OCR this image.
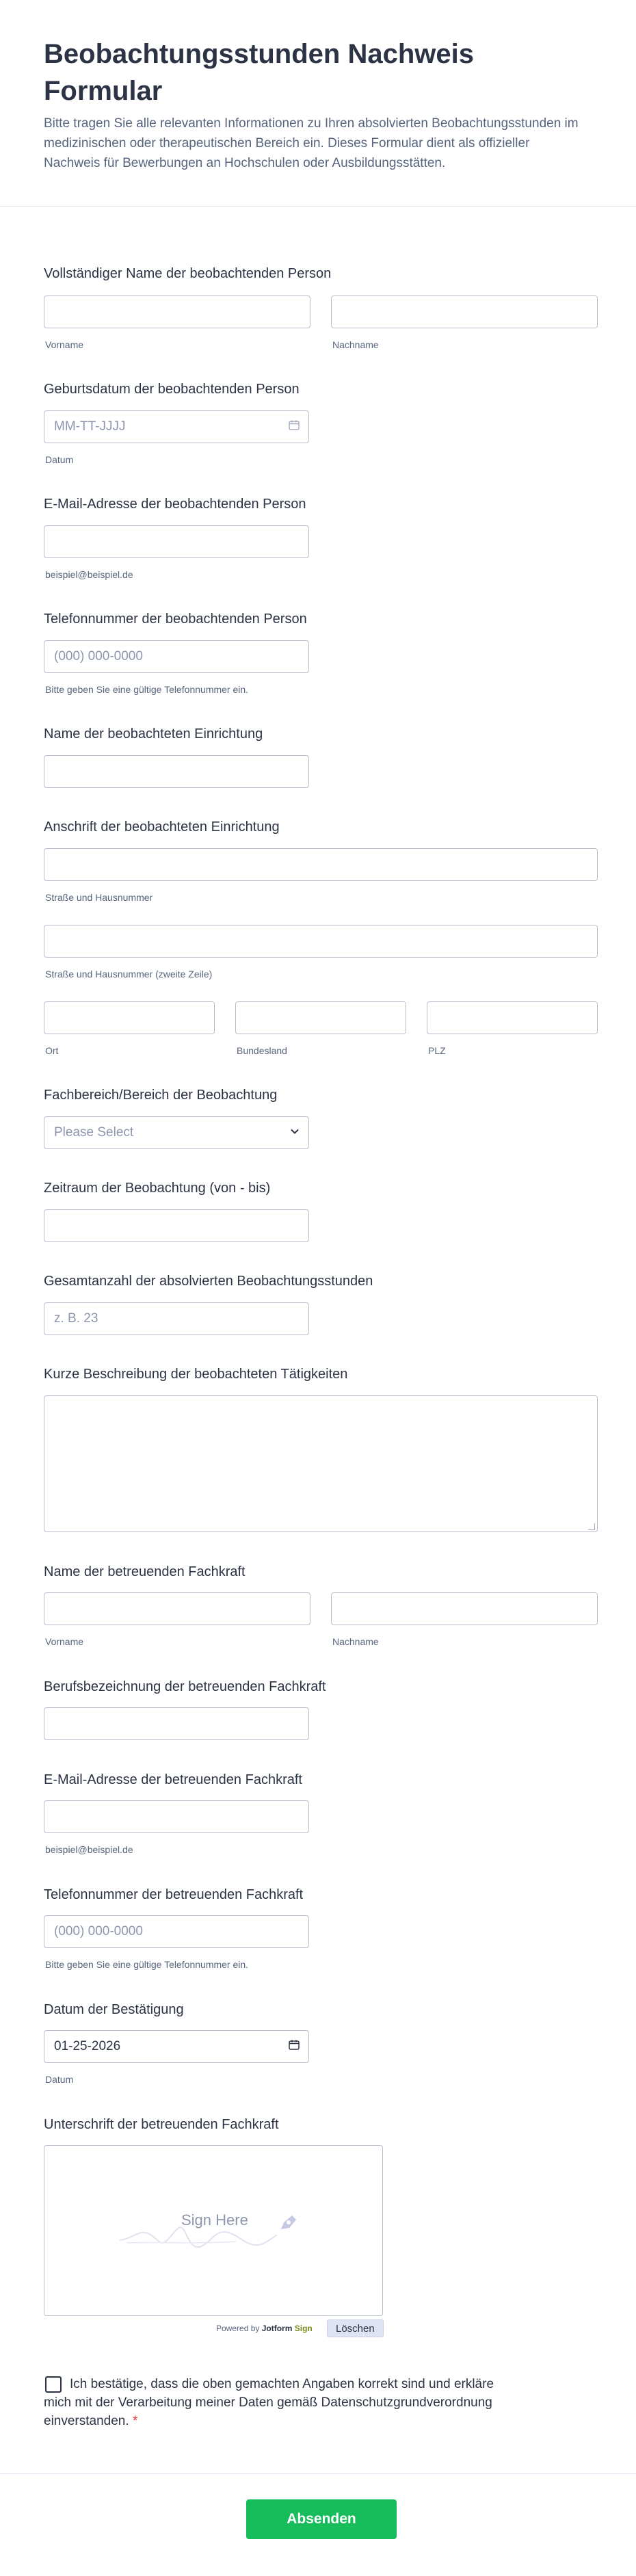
Beobachtungsstunden Nachweis Formular

Bitte tragen Sie alle relevanten Informationen zu Ihren absolvierten Beobachtungsstunden im medizinischen oder therapeutischen Bereich ein. Dieses Formular dient als offizieller Nachweis für Bewerbungen an Hochschulen oder Ausbildungsstätten.

Vollständiger Name der beobachtenden Person
Vorname	Nachname
Geburtsdatum der beobachtenden Person
MM-TT-JJJJ
Datum
E-Mail-Adresse der beobachtenden Person
beispiel@beispiel.de
Telefonnummer der beobachtenden Person
(000) 000-0000
Bitte geben Sie eine gültige Telefonnummer ein.
Name der beobachteten Einrichtung
Anschrift der beobachteten Einrichtung
Straße und Hausnummer
Straße und Hausnummer (zweite Zeile)
Ort	Bundesland	PLZ
Fachbereich/Bereich der Beobachtung
Please Select
Zeitraum der Beobachtung (von - bis)
Gesamtanzahl der absolvierten Beobachtungsstunden
z. B. 23
Kurze Beschreibung der beobachteten Tätigkeiten
Name der betreuenden Fachkraft
Vorname	Nachname
Berufsbezeichnung der betreuenden Fachkraft
E-Mail-Adresse der betreuenden Fachkraft
beispiel@beispiel.de
Telefonnummer der betreuenden Fachkraft
(000) 000-0000
Bitte geben Sie eine gültige Telefonnummer ein.
Datum der Bestätigung
01-25-2026
Datum
Unterschrift der betreuenden Fachkraft
Sign Here
Powered by Jotform Sign	Löschen
Ich bestätige, dass die oben gemachten Angaben korrekt sind und erkläre mich mit der Verarbeitung meiner Daten gemäß Datenschutzgrundverordnung einverstanden. *
Absenden
